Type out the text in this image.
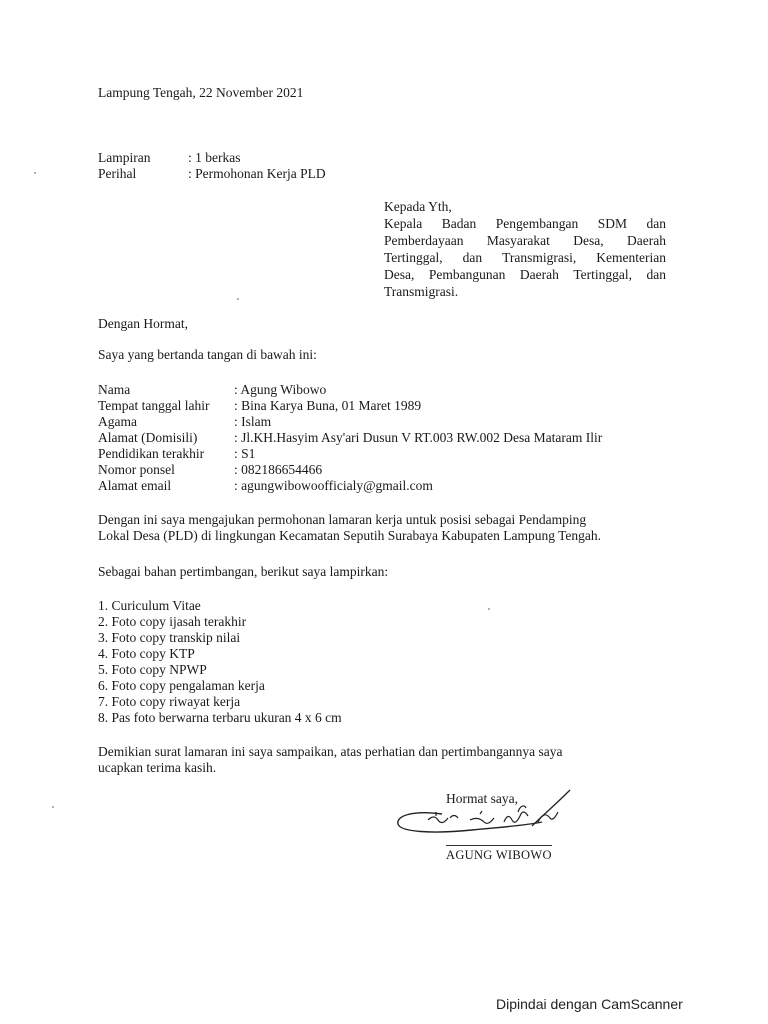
Lampung Tengah, 22 November 2021
Lampiran	: 1 berkas
Perihal	: Permohonan Kerja PLD
Kepada Yth,
Kepala Badan Pengembangan SDM dan
Pemberdayaan Masyarakat Desa, Daerah
Tertinggal, dan Transmigrasi, Kementerian
Desa, Pembangunan Daerah Tertinggal, dan
Transmigrasi.
Dengan Hormat,
Saya yang bertanda tangan di bawah ini:
Nama	: Agung Wibowo
Tempat tanggal lahir : Bina Karya Buna, 01 Maret 1989
Agama	: Islam
Alamat (Domisili)	: Jl.KH.Hasyim Asy'ari Dusun V RT.003 RW.002 Desa Mataram Ilir
Pendidikan terakhir : S1
Nomor ponsel	: 082186654466
Alamat email	: agungwibowoofficialy@gmail.com
Dengan ini saya mengajukan permohonan lamaran kerja untuk posisi sebagai Pendamping
Lokal Desa (PLD) di lingkungan Kecamatan Seputih Surabaya Kabupaten Lampung Tengah.
Sebagai bahan pertimbangan, berikut saya lampirkan:
1. Curiculum Vitae
2. Foto copy ijasah terakhir
3. Foto copy transkip nilai
4. Foto copy KTP
5. Foto copy NPWP
6. Foto copy pengalaman kerja
7. Foto copy riwayat kerja
8. Pas foto berwarna terbaru ukuran 4 x 6 cm
Demikian surat lamaran ini saya sampaikan, atas perhatian dan pertimbangannya saya
ucapkan terima kasih.
Hormat saya,
AGUNG WIBOWO
Dipindai dengan CamScanner
